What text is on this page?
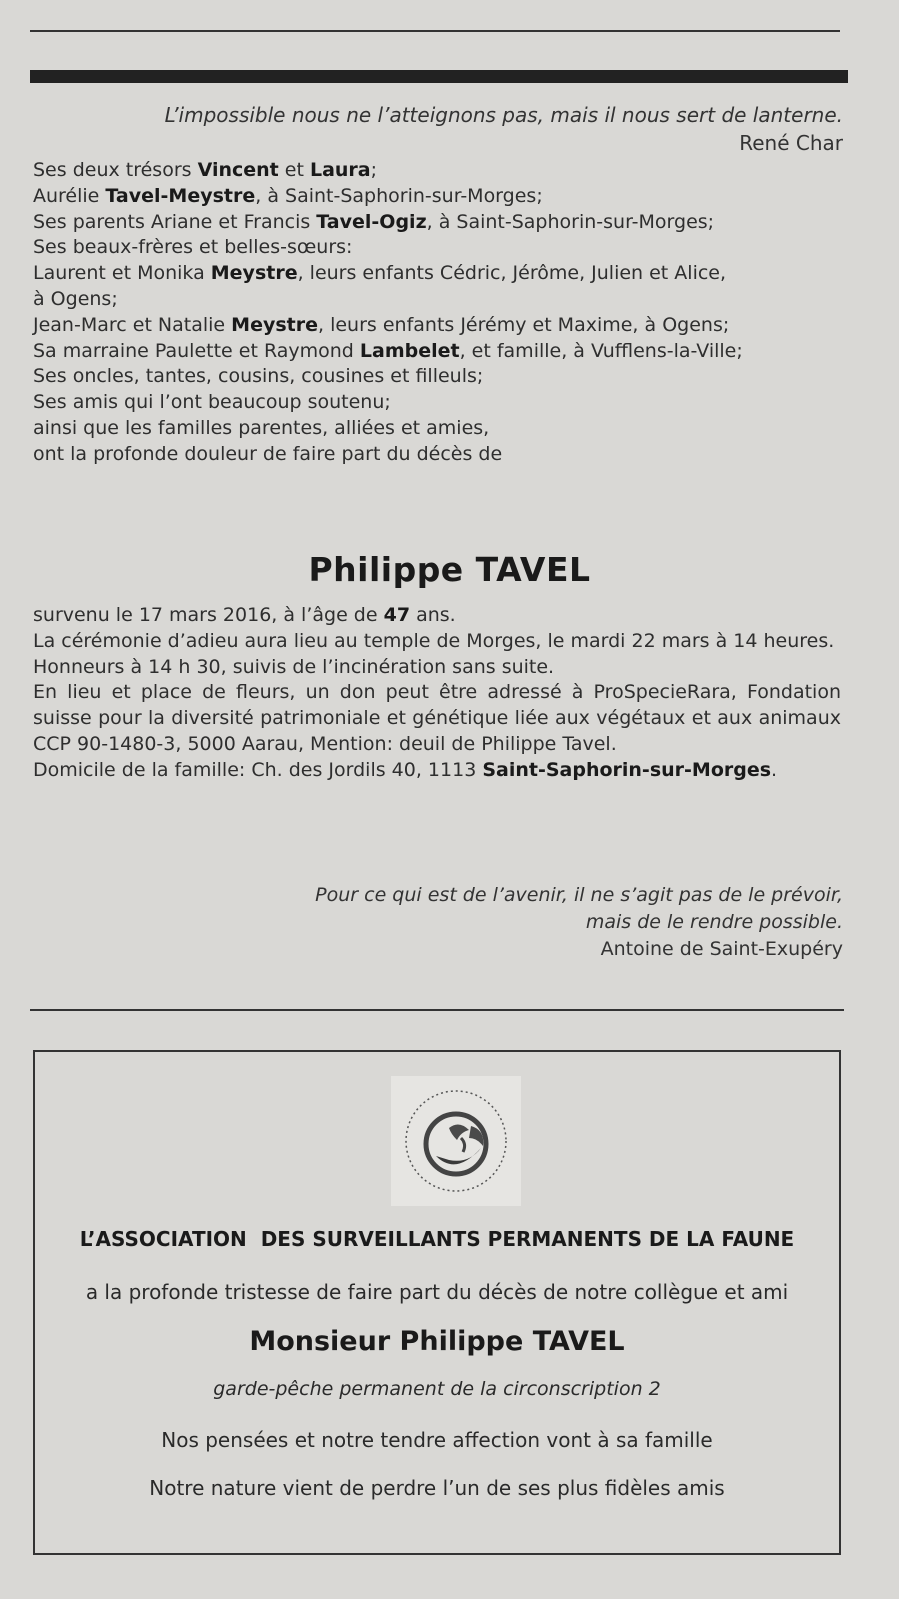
L’impossible nous ne l’atteignons pas, mais il nous sert de lanterne.
René Char

Ses deux trésors Vincent et Laura;

Aurélie Tavel-Meystre, à Saint-Saphorin-sur-Morges;

Ses parents Ariane et Francis Tavel-Ogiz, à Saint-Saphorin-sur-Morges;

Ses beaux-frères et belles-sœurs:

Laurent et Monika Meystre, leurs enfants Cédric, Jérôme, Julien et Alice,

à Ogens;

Jean-Marc et Natalie Meystre, leurs enfants Jérémy et Maxime, à Ogens;

Sa marraine Paulette et Raymond Lambelet, et famille, à Vufflens-la-Ville;

Ses oncles, tantes, cousins, cousines et filleuls;

Ses amis qui l’ont beaucoup soutenu;

ainsi que les familles parentes, alliées et amies,

ont la profonde douleur de faire part du décès de

Philippe TAVEL

survenu le 17 mars 2016, à l’âge de 47 ans.

La cérémonie d’adieu aura lieu au temple de Morges, le mardi 22 mars à 14 heures.

Honneurs à 14 h 30, suivis de l’incinération sans suite.

En lieu et place de fleurs, un don peut être adressé à ProSpecieRara, Fondation suisse pour la diversité patrimoniale et génétique liée aux végétaux et aux animaux CCP 90-1480-3, 5000 Aarau, Mention: deuil de Philippe Tavel.

Domicile de la famille: Ch. des Jordils 40, 1113 Saint-Saphorin-sur-Morges.

Pour ce qui est de l’avenir, il ne s’agit pas de le prévoir,
mais de le rendre possible.
Antoine de Saint-Exupéry
L’ASSOCIATION  DES SURVEILLANTS PERMANENTS DE LA FAUNE
a la profonde tristesse de faire part du décès de notre collègue et ami
Monsieur Philippe TAVEL
garde-pêche permanent de la circonscription 2
Nos pensées et notre tendre affection vont à sa famille
Notre nature vient de perdre l’un de ses plus fidèles amis
